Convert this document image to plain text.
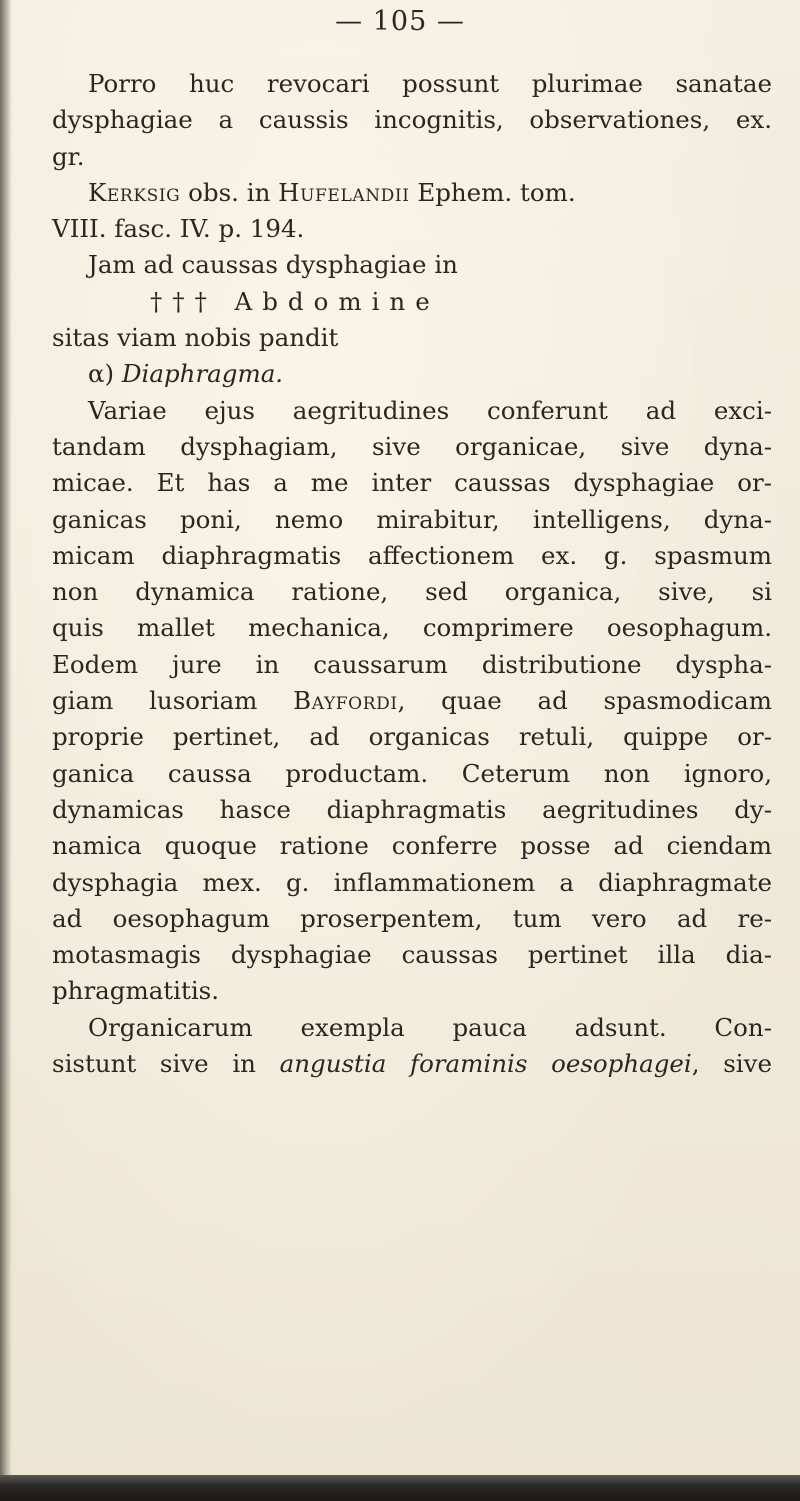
— 105 —
Porro huc revocari possunt plurimae sanatae
dysphagiae a caussis incognitis, observationes, ex.
gr.
Kerksig obs. in Hufelandii Ephem. tom.
VIII. fasc. IV. p. 194.
Jam ad caussas dysphagiae in
††† Abdomine
sitas viam nobis pandit
α) Diaphragma.
Variae ejus aegritudines conferunt ad exci-
tandam dysphagiam, sive organicae, sive dyna-
micae. Et has a me inter caussas dysphagiae or-
ganicas poni, nemo mirabitur, intelligens, dyna-
micam diaphragmatis affectionem ex. g. spasmum
non dynamica ratione, sed organica, sive, si
quis mallet mechanica, comprimere oesophagum.
Eodem jure in caussarum distributione dyspha-
giam lusoriam Bayfordi, quae ad spasmodicam
proprie pertinet, ad organicas retuli, quippe or-
ganica caussa productam. Ceterum non ignoro,
dynamicas hasce diaphragmatis aegritudines dy-
namica quoque ratione conferre posse ad ciendam
dysphagia mex. g. inflammationem a diaphragmate
ad oesophagum proserpentem, tum vero ad re-
motasmagis dysphagiae caussas pertinet illa dia-
phragmatitis.
Organicarum exempla pauca adsunt. Con-
sistunt sive in angustia foraminis oesophagei, sive
